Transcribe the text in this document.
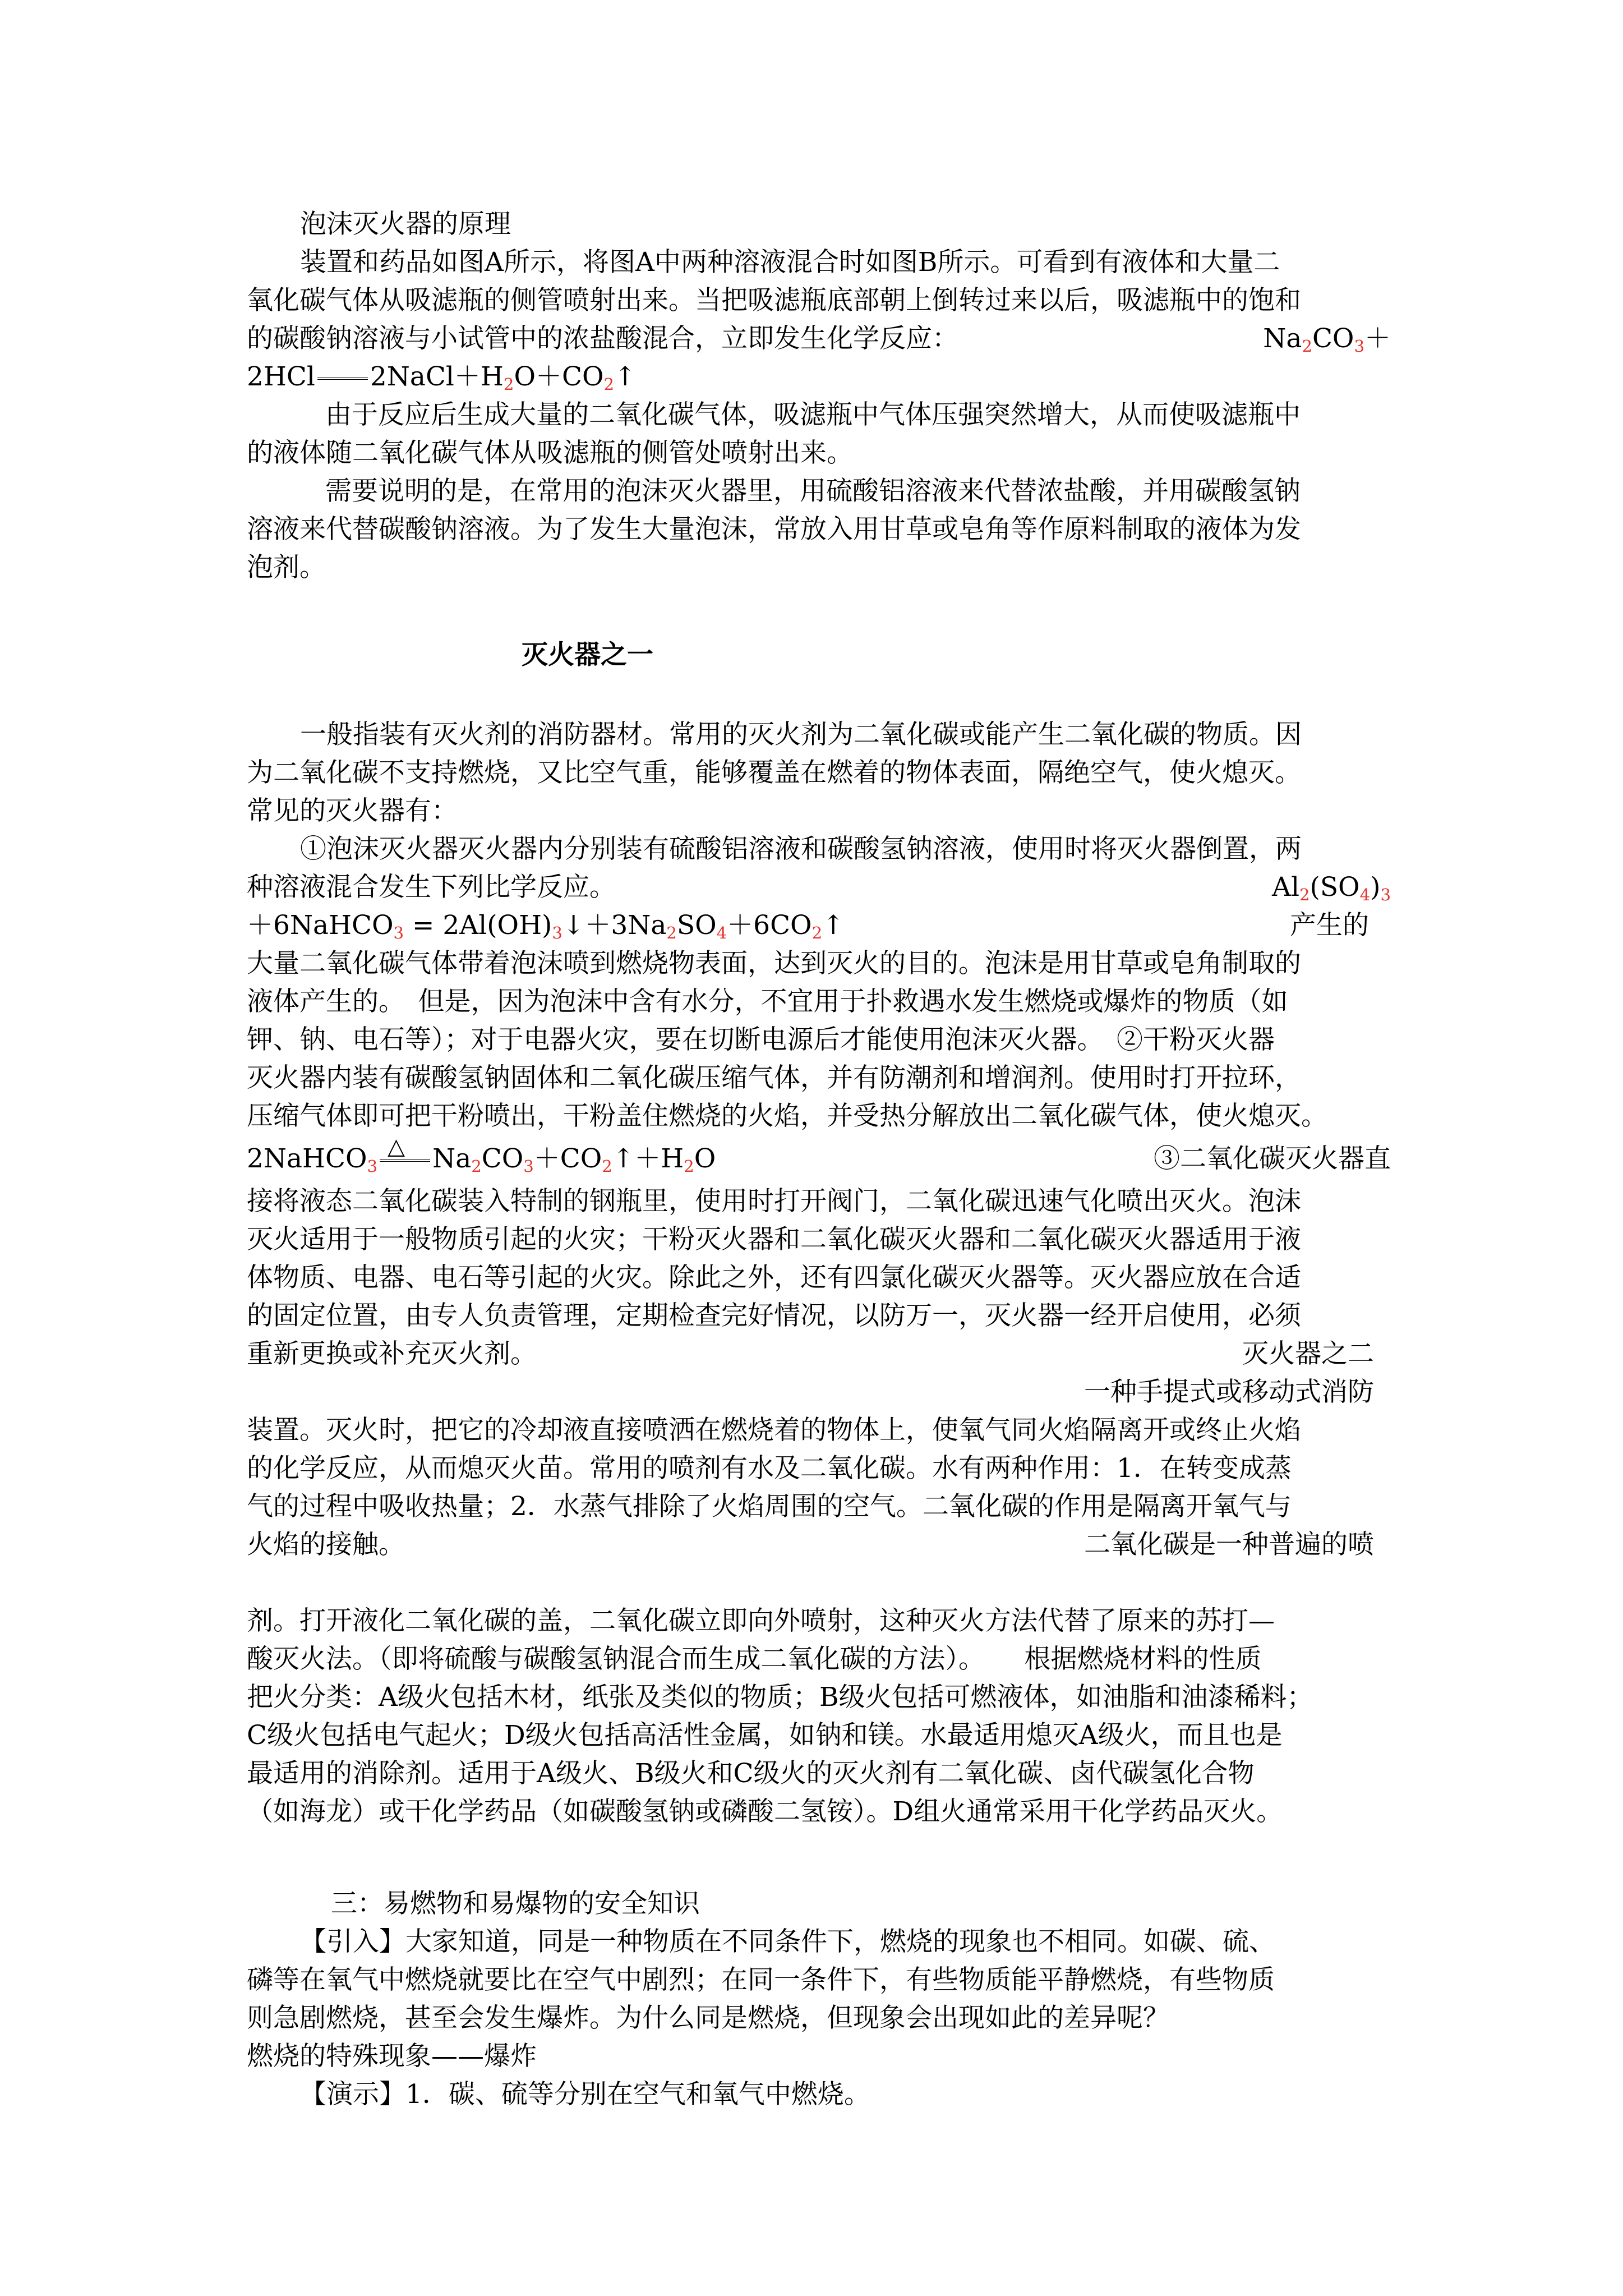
泡沫灭火器的原理
装置和药品如图A所示，将图A中两种溶液混合时如图B所示。可看到有液体和大量二
氧化碳气体从吸滤瓶的侧管喷射出来。当把吸滤瓶底部朝上倒转过来以后，吸滤瓶中的饱和
的碳酸钠溶液与小试管中的浓盐酸混合，立即发生化学反应：	$Na_2CO_3+$
2HCl $2NaCl+H_2O+CO_2↑$
由于反应后生成大量的二氧化碳气体，吸滤瓶中气体压强突然增大，从而使吸滤瓶中
的液体随二氧化碳气体从吸滤瓶的侧管处喷射出来。
需要说明的是，在常用的泡沫灭火器里，用硫酸铝溶液来代替浓盐酸，并用碳酸氢钠
溶液来代替碳酸钠溶液。为了发生大量泡沫，常放入用甘草或皂角等作原料制取的液体为发
泡剂。
灭火器之一
一般指装有灭火剂的消防器材。常用的灭火剂为二氧化碳或能产生二氧化碳的物质。因
为二氧化碳不支持燃烧，又比空气重，能够覆盖在燃着的物体表面，隔绝空气，使火熄灭。
常见的灭火器有：
①泡沫灭火器灭火器内分别装有硫酸铝溶液和碳酸氢钠溶液，使用时将灭火器倒置，两
种溶液混合发生下列比学反应。	$Al_2(SO_4)_3$
＋6NaHCO$_3$ = $2Al(OH)_3↓+3Na_2SO_4+6CO_2↑$	产生的
大量二氧化碳气体带着泡沫喷到燃烧物表面，达到灭火的目的。泡沫是用甘草或皂角制取的
液体产生的。　但是，因为泡沫中含有水分，不宜用于扑救遇水发生燃烧或爆炸的物质（如
钾、钠、电石等）；对于电器火灾，要在切断电源后才能使用泡沫灭火器。　②干粉灭火器
灭火器内装有碳酸氢钠固体和二氧化碳压缩气体，并有防潮剂和增润剂。使用时打开拉环，
压缩气体即可把干粉喷出，干粉盖住燃烧的火焰，并受热分解放出二氧化碳气体，使火熄灭。
2NaHCO$_3$
△ $Na_2CO_3+CO_2↑+H_2O$	③二氧化碳灭火器直
接将液态二氧化碳装入特制的钢瓶里，使用时打开阀门，二氧化碳迅速气化喷出灭火。泡沫
灭火适用于一般物质引起的火灾；干粉灭火器和二氧化碳灭火器和二氧化碳灭火器适用于液
体物质、电器、电石等引起的火灾。除此之外，还有四氯化碳灭火器等。灭火器应放在合适
的固定位置，由专人负责管理，定期检查完好情况，以防万一，灭火器一经开启使用，必须
重新更换或补充灭火剂。	灭火器之二
一种手提式或移动式消防
装置。灭火时，把它的冷却液直接喷洒在燃烧着的物体上，使氧气同火焰隔离开或终止火焰
的化学反应，从而熄灭火苗。常用的喷剂有水及二氧化碳。水有两种作用：1．在转变成蒸
气的过程中吸收热量；2．水蒸气排除了火焰周围的空气。二氧化碳的作用是隔离开氧气与
火焰的接触。	二氧化碳是一种普遍的喷
剂。打开液化二氧化碳的盖，二氧化碳立即向外喷射，这种灭火方法代替了原来的苏打—
酸灭火法。（即将硫酸与碳酸氢钠混合而生成二氧化碳的方法）。　　根据燃烧材料的性质
把火分类：A级火包括木材，纸张及类似的物质；B级火包括可燃液体，如油脂和油漆稀料；
C级火包括电气起火；D级火包括高活性金属，如钠和镁。水最适用熄灭A级火，而且也是
最适用的消除剂。适用于A级火、B级火和C级火的灭火剂有二氧化碳、卤代碳氢化合物
（如海龙）或干化学药品（如碳酸氢钠或磷酸二氢铵）。D组火通常采用干化学药品灭火。
三：易燃物和易爆物的安全知识
【引入】大家知道，同是一种物质在不同条件下，燃烧的现象也不相同。如碳、硫、
磷等在氧气中燃烧就要比在空气中剧烈；在同一条件下，有些物质能平静燃烧，有些物质
则急剧燃烧，甚至会发生爆炸。为什么同是燃烧，但现象会出现如此的差异呢？
燃烧的特殊现象——爆炸
【演示】1．碳、硫等分别在空气和氧气中燃烧。
